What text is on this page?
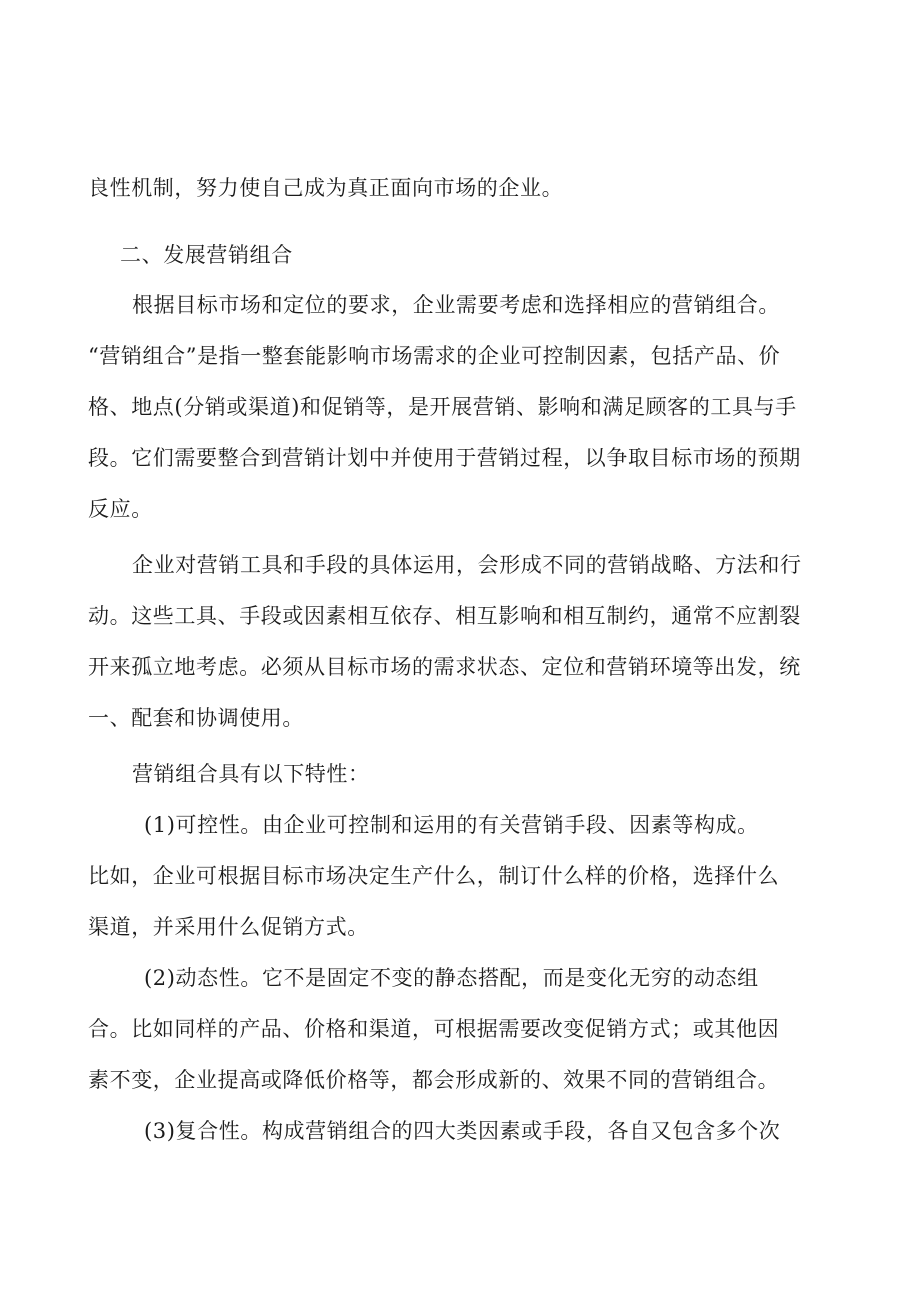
良性机制，努力使自己成为真正面向市场的企业。
二、发展营销组合
根据目标市场和定位的要求，企业需要考虑和选择相应的营销组合。
“营销组合”是指一整套能影响市场需求的企业可控制因素，包括产品、价
格、地点(分销或渠道)和促销等，是开展营销、影响和满足顾客的工具与手
段。它们需要整合到营销计划中并使用于营销过程，以争取目标市场的预期
反应。
企业对营销工具和手段的具体运用，会形成不同的营销战略、方法和行
动。这些工具、手段或因素相互依存、相互影响和相互制约，通常不应割裂
开来孤立地考虑。必须从目标市场的需求状态、定位和营销环境等出发，统
一、配套和协调使用。
营销组合具有以下特性：
(1)可控性。由企业可控制和运用的有关营销手段、因素等构成。
比如，企业可根据目标市场决定生产什么，制订什么样的价格，选择什么
渠道，并采用什么促销方式。
(2)动态性。它不是固定不变的静态搭配，而是变化无穷的动态组
合。比如同样的产品、价格和渠道，可根据需要改变促销方式；或其他因
素不变，企业提高或降低价格等，都会形成新的、效果不同的营销组合。
(3)复合性。构成营销组合的四大类因素或手段，各自又包含多个次
